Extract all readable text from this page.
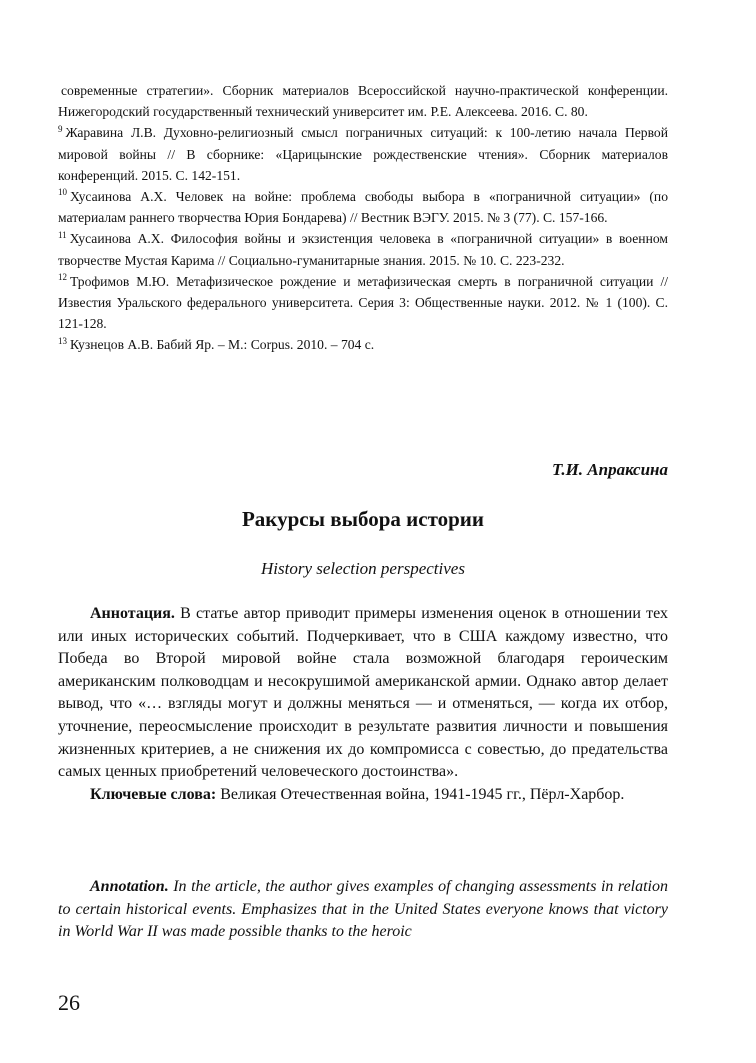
современные стратегии». Сборник материалов Всероссийской научно-практической конференции. Нижегородский государственный технический университет им. Р.Е. Алексеева. 2016. С. 80.

$^9$ Жаравина Л.В. Духовно-религиозный смысл пограничных ситуаций: к 100-летию начала Первой мировой войны // В сборнике: «Царицынские рождественские чтения». Сборник материалов конференций. 2015. С. 142-151.

$^{10}$ Хусаинова А.Х. Человек на войне: проблема свободы выбора в «пограничной ситуации» (по материалам раннего творчества Юрия Бондарева) // Вестник ВЭГУ. 2015. № 3 (77). С. 157-166.

$^{11}$ Хусаинова А.Х. Философия войны и экзистенция человека в «пограничной ситуации» в военном творчестве Мустая Карима // Социально-гуманитарные знания. 2015. № 10. С. 223-232.

$^{12}$ Трофимов М.Ю. Метафизическое рождение и метафизическая смерть в пограничной ситуации // Известия Уральского федерального университета. Серия 3: Общественные науки. 2012. № 1 (100). С. 121-128.

$^{13}$ Кузнецов А.В. Бабий Яр. – М.: Corpus. 2010. – 704 с.

Т.И. Апраксина
Ракурсы выбора истории
History selection perspectives

Аннотация. В статье автор приводит примеры изменения оценок в отношении тех или иных исторических событий. Подчеркивает, что в США каждому известно, что Победа во Второй мировой войне стала возможной благодаря героическим американским полководцам и несокрушимой американской армии. Однако автор делает вывод, что «… взгляды могут и должны меняться — и отменяться, — когда их отбор, уточнение, переосмысление происходит в результате развития личности и повышения жизненных критериев, а не снижения их до компромисса с совестью, до предательства самых ценных приобретений человеческого достоинства».

Ключевые слова: Великая Отечественная война, 1941-1945 гг., Пёрл-Харбор.

Annotation. In the article, the author gives examples of changing assessments in relation to certain historical events. Emphasizes that in the United States everyone knows that victory in World War II was made possible thanks to the heroic

26
